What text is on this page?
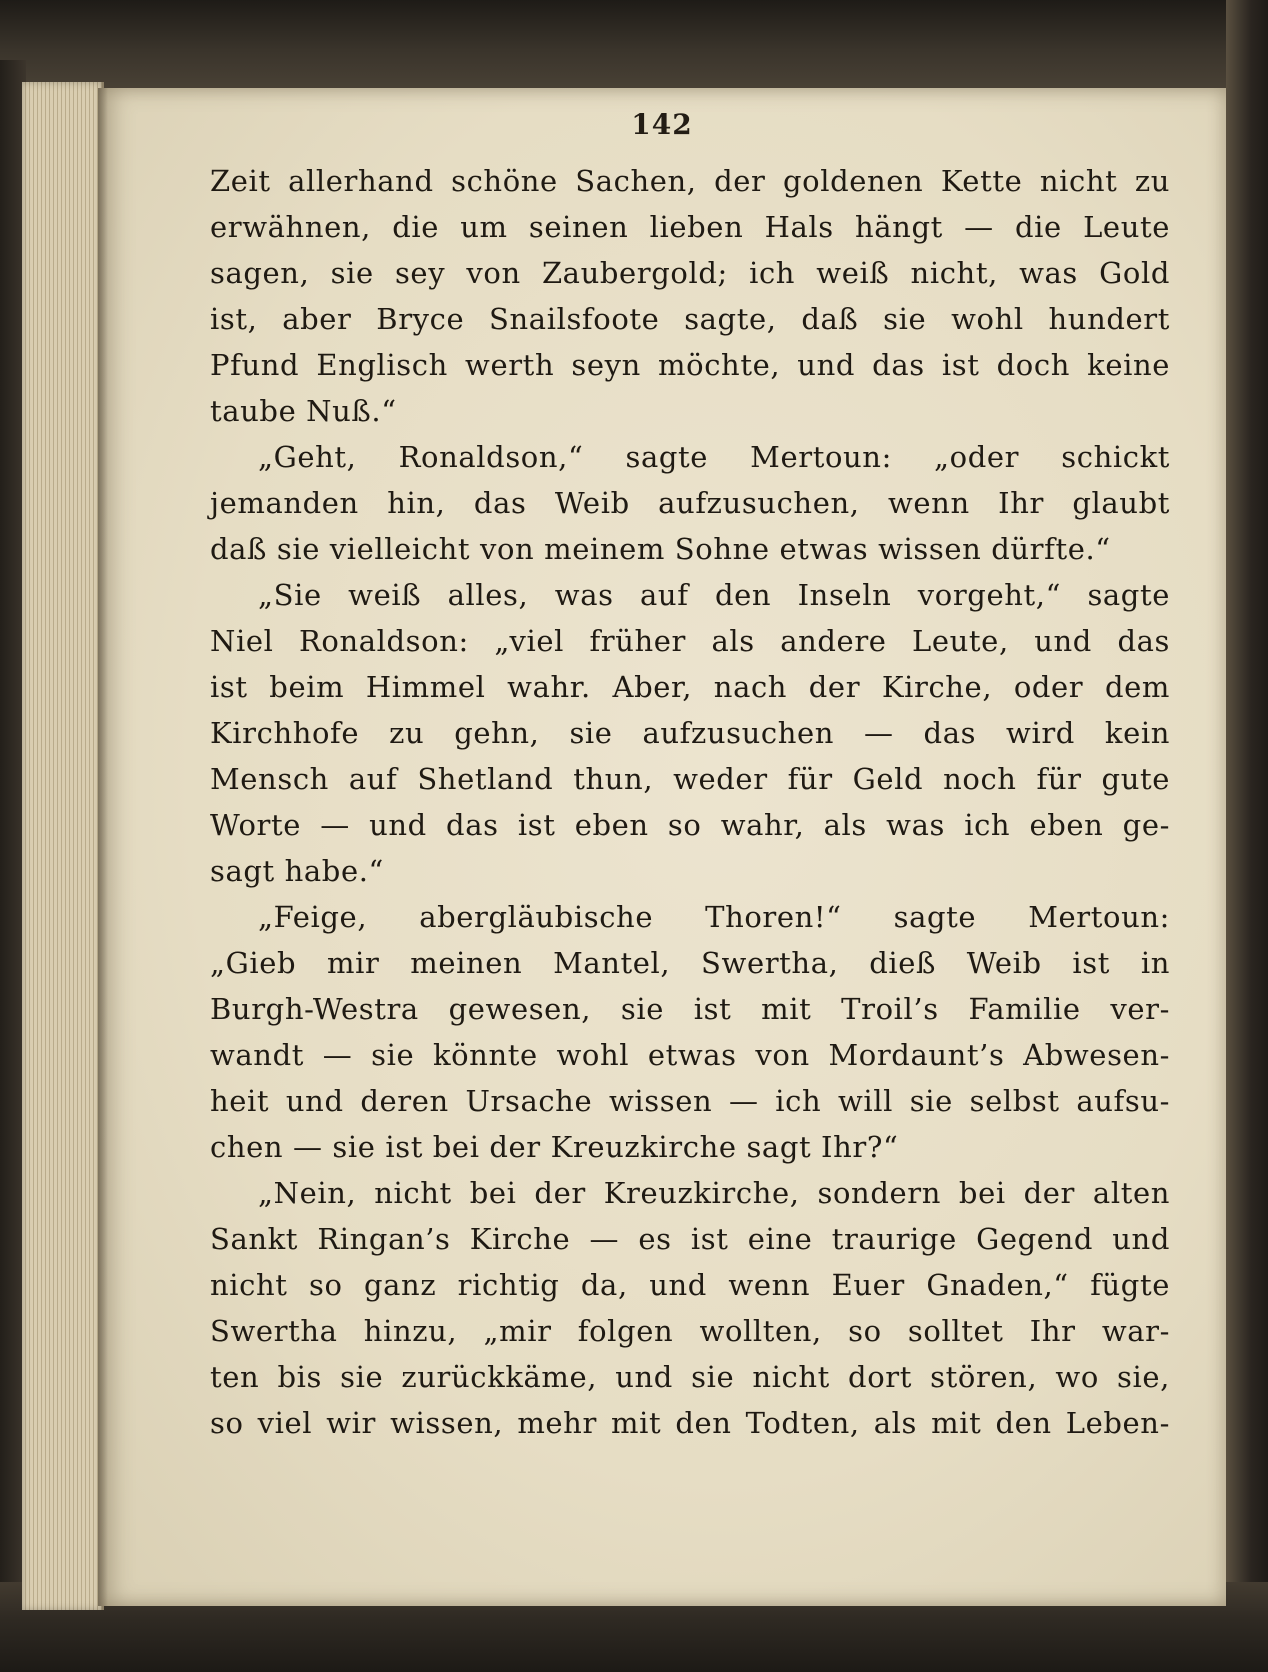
142
Zeit allerhand schöne Sachen, der goldenen Kette nicht zu
erwähnen, die um seinen lieben Hals hängt — die Leute
sagen, sie sey von Zaubergold; ich weiß nicht, was Gold
ist, aber Bryce Snailsfoote sagte, daß sie wohl hundert
Pfund Englisch werth seyn möchte, und das ist doch keine
taube Nuß.“
„Geht, Ronaldson,“ sagte Mertoun: „oder schickt
jemanden hin, das Weib aufzusuchen, wenn Ihr glaubt
daß sie vielleicht von meinem Sohne etwas wissen dürfte.“
„Sie weiß alles, was auf den Inseln vorgeht,“ sagte
Niel Ronaldson: „viel früher als andere Leute, und das
ist beim Himmel wahr. Aber, nach der Kirche, oder dem
Kirchhofe zu gehn, sie aufzusuchen — das wird kein
Mensch auf Shetland thun, weder für Geld noch für gute
Worte — und das ist eben so wahr, als was ich eben ge-
sagt habe.“
„Feige, abergläubische Thoren!“ sagte Mertoun:
„Gieb mir meinen Mantel, Swertha, dieß Weib ist in
Burgh-Westra gewesen, sie ist mit Troil’s Familie ver-
wandt — sie könnte wohl etwas von Mordaunt’s Abwesen-
heit und deren Ursache wissen — ich will sie selbst aufsu-
chen — sie ist bei der Kreuzkirche sagt Ihr?“
„Nein, nicht bei der Kreuzkirche, sondern bei der alten
Sankt Ringan’s Kirche — es ist eine traurige Gegend und
nicht so ganz richtig da, und wenn Euer Gnaden,“ fügte
Swertha hinzu, „mir folgen wollten, so solltet Ihr war-
ten bis sie zurückkäme, und sie nicht dort stören, wo sie,
so viel wir wissen, mehr mit den Todten, als mit den Leben-
